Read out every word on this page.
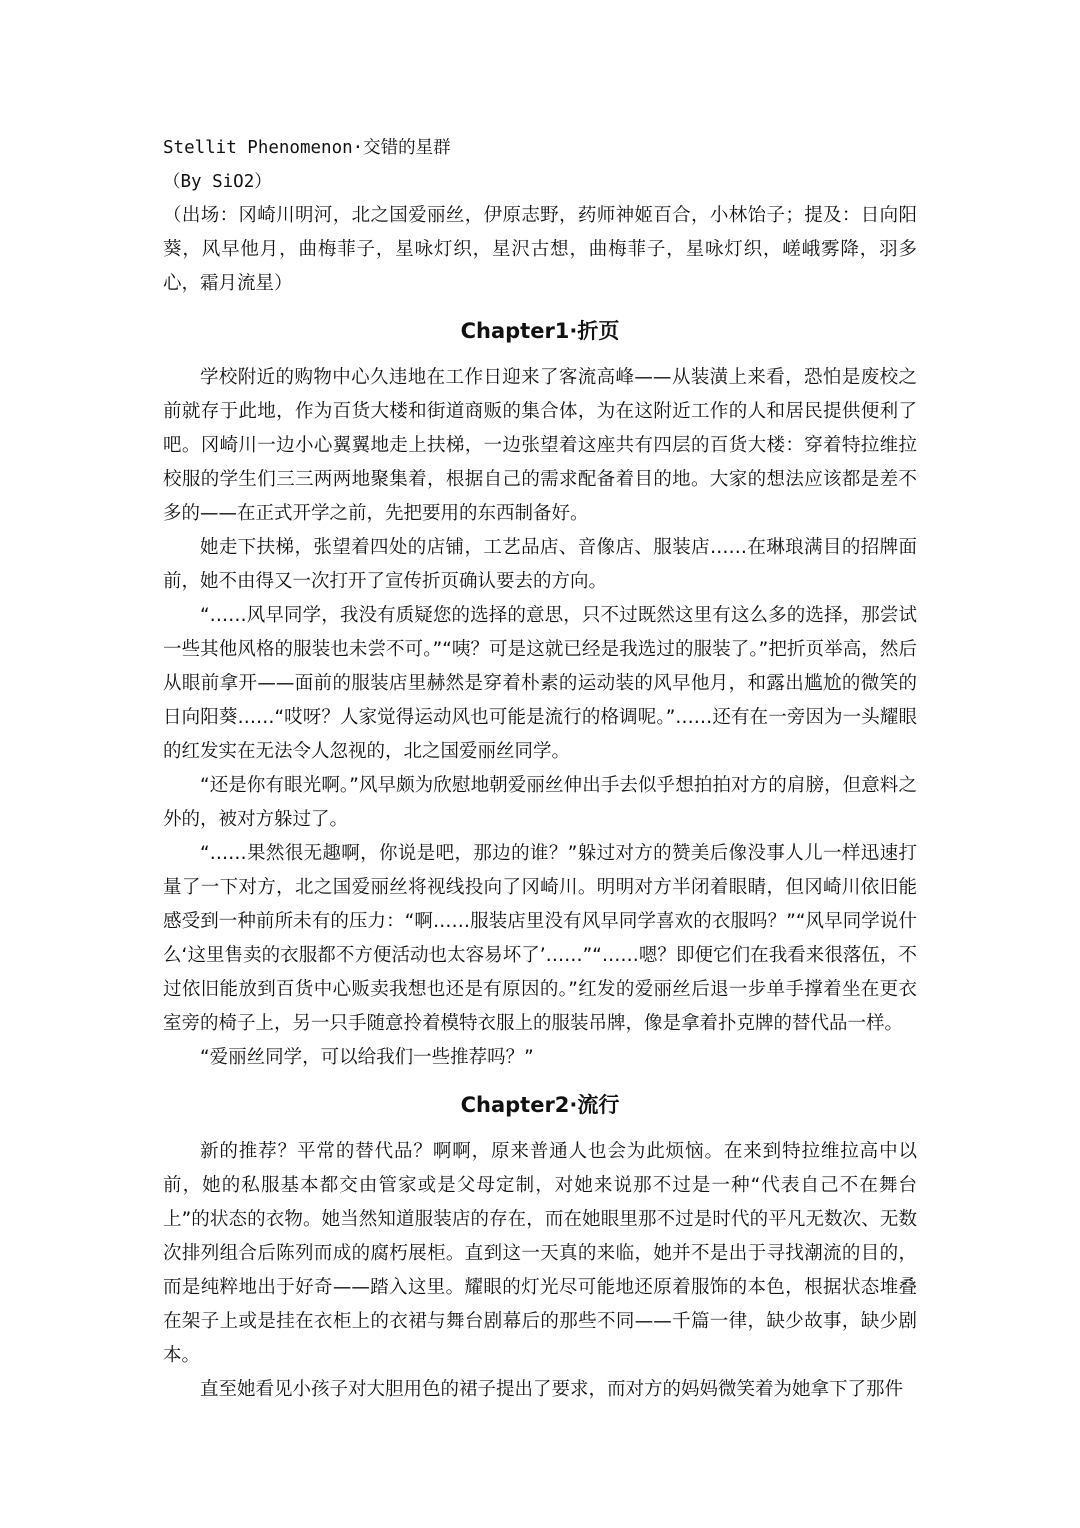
Stellit Phenomenon·交错的星群

（By SiO2）

（出场：冈崎川明河，北之国爱丽丝，伊原志野，药师神姬百合，小林饴子；提及：日向阳葵，风早他月，曲梅菲子，星咏灯织，星沢古想，曲梅菲子，星咏灯织，嵯峨雾降，羽多心，霜月流星）

Chapter1·折页

学校附近的购物中心久违地在工作日迎来了客流高峰——从装潢上来看，恐怕是废校之前就存于此地，作为百货大楼和街道商贩的集合体，为在这附近工作的人和居民提供便利了吧。冈崎川一边小心翼翼地走上扶梯，一边张望着这座共有四层的百货大楼：穿着特拉维拉校服的学生们三三两两地聚集着，根据自己的需求配备着目的地。大家的想法应该都是差不多的——在正式开学之前，先把要用的东西制备好。

她走下扶梯，张望着四处的店铺，工艺品店、音像店、服装店……在琳琅满目的招牌面前，她不由得又一次打开了宣传折页确认要去的方向。

“……风早同学，我没有质疑您的选择的意思，只不过既然这里有这么多的选择，那尝试一些其他风格的服装也未尝不可。”“咦？可是这就已经是我选过的服装了。”把折页举高，然后从眼前拿开——面前的服装店里赫然是穿着朴素的运动装的风早他月，和露出尴尬的微笑的日向阳葵……“哎呀？人家觉得运动风也可能是流行的格调呢。”……还有在一旁因为一头耀眼的红发实在无法令人忽视的，北之国爱丽丝同学。

“还是你有眼光啊。”风早颇为欣慰地朝爱丽丝伸出手去似乎想拍拍对方的肩膀，但意料之外的，被对方躲过了。

“……果然很无趣啊，你说是吧，那边的谁？”躲过对方的赞美后像没事人儿一样迅速打量了一下对方，北之国爱丽丝将视线投向了冈崎川。明明对方半闭着眼睛，但冈崎川依旧能感受到一种前所未有的压力：“啊……服装店里没有风早同学喜欢的衣服吗？”“风早同学说什么‘这里售卖的衣服都不方便活动也太容易坏了’……”“……嗯？即便它们在我看来很落伍，不过依旧能放到百货中心贩卖我想也还是有原因的。”红发的爱丽丝后退一步单手撑着坐在更衣室旁的椅子上，另一只手随意拎着模特衣服上的服装吊牌，像是拿着扑克牌的替代品一样。

“爱丽丝同学，可以给我们一些推荐吗？”

Chapter2·流行

新的推荐？平常的替代品？啊啊，原来普通人也会为此烦恼。在来到特拉维拉高中以前，她的私服基本都交由管家或是父母定制，对她来说那不过是一种“代表自己不在舞台上”的状态的衣物。她当然知道服装店的存在，而在她眼里那不过是时代的平凡无数次、无数次排列组合后陈列而成的腐朽展柜。直到这一天真的来临，她并不是出于寻找潮流的目的，而是纯粹地出于好奇——踏入这里。耀眼的灯光尽可能地还原着服饰的本色，根据状态堆叠在架子上或是挂在衣柜上的衣裙与舞台剧幕后的那些不同——千篇一律，缺少故事，缺少剧本。

直至她看见小孩子对大胆用色的裙子提出了要求，而对方的妈妈微笑着为她拿下了那件
